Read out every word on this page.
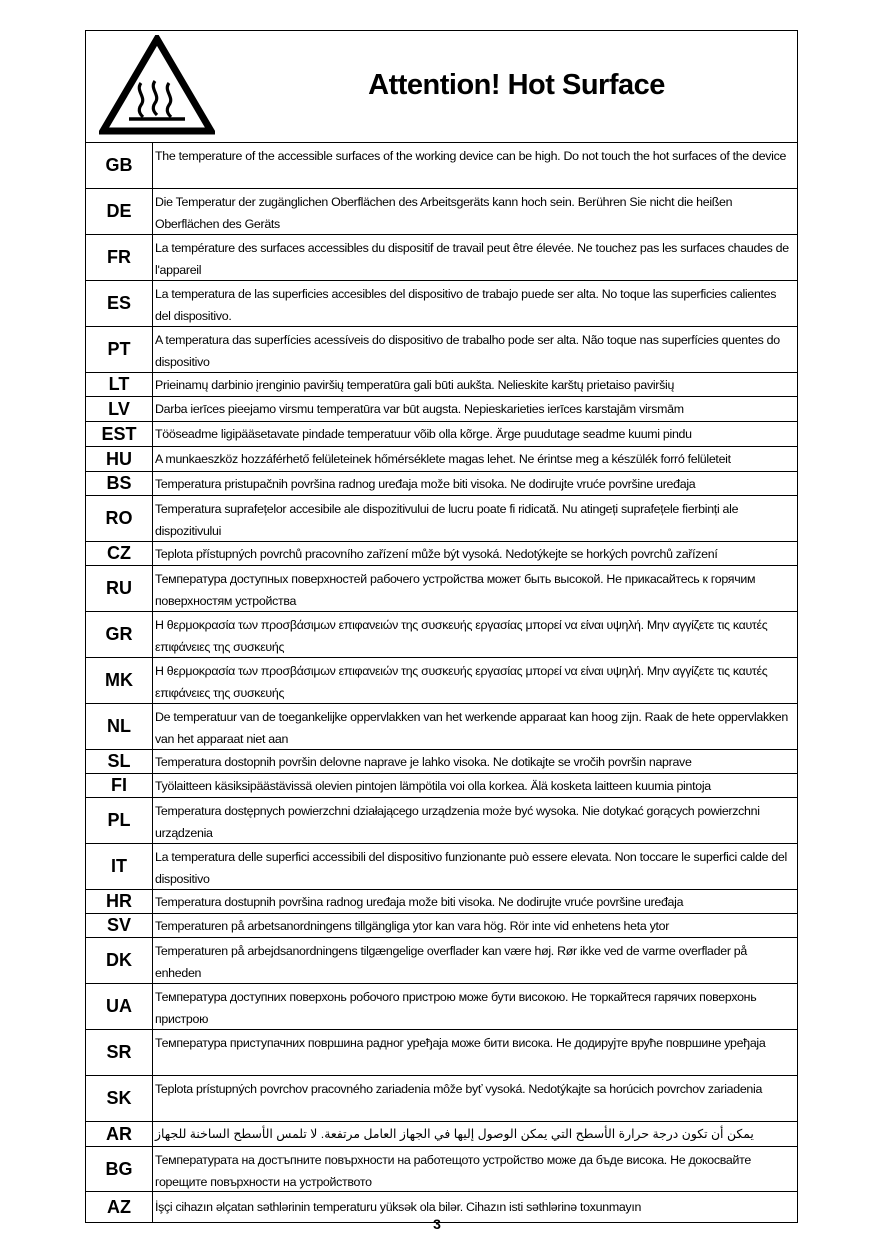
Attention! Hot Surface
GB	The temperature of the accessible surfaces of the working device can be high. Do not touch the hot surfaces of the device
DE	Die Temperatur der zugänglichen Oberflächen des Arbeitsgeräts kann hoch sein. Berühren Sie nicht die heißen Oberflächen des Geräts
FR	La température des surfaces accessibles du dispositif de travail peut être élevée. Ne touchez pas les surfaces chaudes de l'appareil
ES	La temperatura de las superficies accesibles del dispositivo de trabajo puede ser alta. No toque las superficies calientes del dispositivo.
PT	A temperatura das superfícies acessíveis do dispositivo de trabalho pode ser alta. Não toque nas superfícies quentes do dispositivo
LT	Prieinamų darbinio įrenginio paviršių temperatūra gali būti aukšta. Nelieskite karštų prietaiso paviršių
LV	Darba ierīces pieejamo virsmu temperatūra var būt augsta. Nepieskarieties ierīces karstajām virsmām
EST	Tööseadme ligipääsetavate pindade temperatuur võib olla kõrge. Ärge puudutage seadme kuumi pindu
HU	A munkaeszköz hozzáférhető felületeinek hőmérséklete magas lehet. Ne érintse meg a készülék forró felületeit
BS	Temperatura pristupačnih površina radnog uređaja može biti visoka. Ne dodirujte vruće površine uređaja
RO	Temperatura suprafețelor accesibile ale dispozitivului de lucru poate fi ridicată. Nu atingeți suprafețele fierbinți ale dispozitivului
CZ	Teplota přístupných povrchů pracovního zařízení může být vysoká. Nedotýkejte se horkých povrchů zařízení
RU	Температура доступных поверхностей рабочего устройства может быть высокой. Не прикасайтесь к горячим поверхностям устройства
GR	Η θερμοκρασία των προσβάσιμων επιφανειών της συσκευής εργασίας μπορεί να είναι υψηλή. Μην αγγίζετε τις καυτές επιφάνειες της συσκευής
MK	Η θερμοκρασία των προσβάσιμων επιφανειών της συσκευής εργασίας μπορεί να είναι υψηλή. Μην αγγίζετε τις καυτές επιφάνειες της συσκευής
NL	De temperatuur van de toegankelijke oppervlakken van het werkende apparaat kan hoog zijn. Raak de hete oppervlakken van het apparaat niet aan
SL	Temperatura dostopnih površin delovne naprave je lahko visoka. Ne dotikajte se vročih površin naprave
FI	Työlaitteen käsiksipäästävissä olevien pintojen lämpötila voi olla korkea. Älä kosketa laitteen kuumia pintoja
PL	Temperatura dostępnych powierzchni działającego urządzenia może być wysoka. Nie dotykać gorących powierzchni urządzenia
IT	La temperatura delle superfici accessibili del dispositivo funzionante può essere elevata. Non toccare le superfici calde del dispositivo
HR	Temperatura dostupnih površina radnog uređaja može biti visoka. Ne dodirujte vruće površine uređaja
SV	Temperaturen på arbetsanordningens tillgängliga ytor kan vara hög. Rör inte vid enhetens heta ytor
DK	Temperaturen på arbejdsanordningens tilgængelige overflader kan være høj. Rør ikke ved de varme overflader på enheden
UA	Температура доступних поверхонь робочого пристрою може бути високою. Не торкайтеся гарячих поверхонь пристрою
SR	Температура приступачних површина радног уређаја може бити висока. Не додирујте вруће површине уређаја
SK	Teplota prístupných povrchov pracovného zariadenia môže byť vysoká. Nedotýkajte sa horúcich povrchov zariadenia
AR	يمكن أن تكون درجة حرارة الأسطح التي يمكن الوصول إليها في الجهاز العامل مرتفعة. لا تلمس الأسطح الساخنة للجهاز
BG	Температурата на достъпните повърхности на работещото устройство може да бъде висока. Не докосвайте горещите повърхности на устройството
AZ	İşçi cihazın əlçatan səthlərinin temperaturu yüksək ola bilər. Cihazın isti səthlərinə toxunmayın
3
